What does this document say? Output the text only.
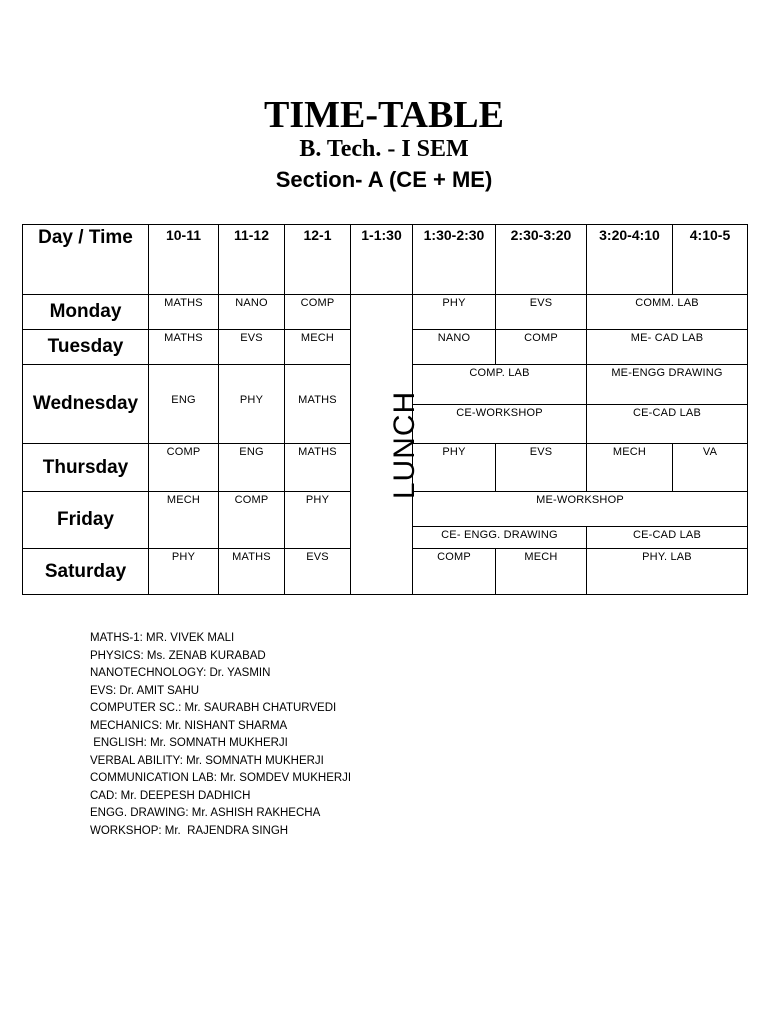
TIME-TABLE
B. Tech. - I SEM
Section- A (CE + ME)
Day / Time	10-11	11-12	12-1	1-1:30	1:30-2:30	2:30-3:20	3:20-4:10	4:10-5
Monday	MATHS	NANO	COMP	LUNCH	PHY	EVS	COMM. LAB	
Tuesday	MATHS	EVS	MECH		NANO	COMP	ME- CAD LAB	
Wednesday	ENG	PHY	MATHS		COMP. LAB		ME-ENGG DRAWING	
					CE-WORKSHOP		CE-CAD LAB	
Thursday	COMP	ENG	MATHS		PHY	EVS	MECH	VA
Friday	MECH	COMP	PHY		ME-WORKSHOP			
					CE- ENGG. DRAWING		CE-CAD LAB	
Saturday	PHY	MATHS	EVS		COMP	MECH	PHY. LAB	
MATHS-1: MR. VIVEK MALI
PHYSICS: Ms. ZENAB KURABAD
NANOTECHNOLOGY: Dr. YASMIN
EVS: Dr. AMIT SAHU
COMPUTER SC.: Mr. SAURABH CHATURVEDI
MECHANICS: Mr. NISHANT SHARMA
ENGLISH: Mr. SOMNATH MUKHERJI
VERBAL ABILITY: Mr. SOMNATH MUKHERJI
COMMUNICATION LAB: Mr. SOMDEV MUKHERJI
CAD: Mr. DEEPESH DADHICH
ENGG. DRAWING: Mr. ASHISH RAKHECHA
WORKSHOP: Mr.  RAJENDRA SINGH
